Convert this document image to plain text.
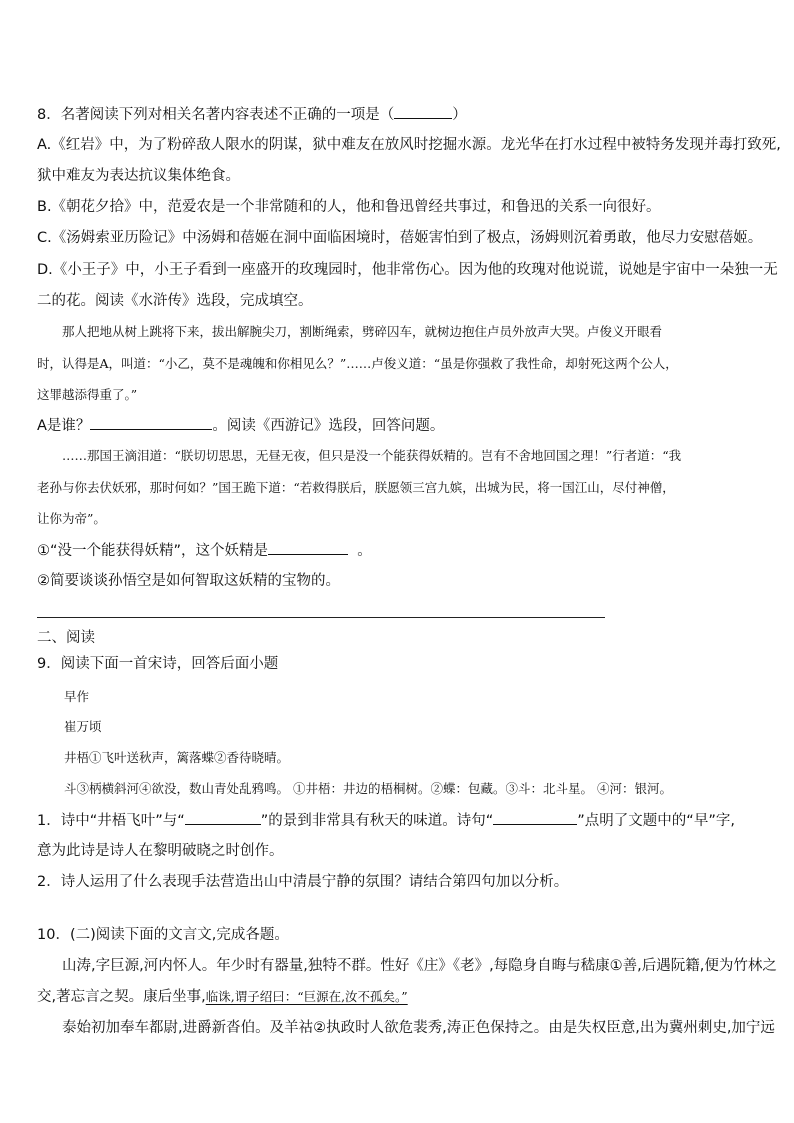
8．名著阅读下列对相关名著内容表述不正确的一项是（	）
A.《红岩》中，为了粉碎敌人限水的阴谋，狱中难友在放风时挖掘水源。龙光华在打水过程中被特务发现并毒打致死,
狱中难友为表达抗议集体绝食。
B.《朝花夕拾》中，范爱农是一个非常随和的人，他和鲁迅曾经共事过，和鲁迅的关系一向很好。
C.《汤姆索亚历险记》中汤姆和蓓姬在洞中面临困境时，蓓姬害怕到了极点，汤姆则沉着勇敢，他尽力安慰蓓姬。
D.《小王子》中，小王子看到一座盛开的玫瑰园时，他非常伤心。因为他的玫瑰对他说谎，说她是宇宙中一朵独一无
二的花。阅读《水浒传》选段，完成填空。
那人把地从树上跳将下来，拔出解腕尖刀，割断绳索，劈碎囚车，就树边抱住卢员外放声大哭。卢俊义开眼看
时，认得是A，叫道：“小乙，莫不是魂魄和你相见么？”……卢俊义道：“虽是你强救了我性命，却射死这两个公人，
这罪越添得重了。”
A是谁？	。阅读《西游记》选段，回答问题。
……那国王滴泪道：“朕切切思思，无昼无夜，但只是没一个能获得妖精的。岂有不舍地回国之理！”行者道：“我
老孙与你去伏妖邪，那时何如？”国王跪下道：“若救得朕后，朕愿领三宫九嫔，出城为民，将一国江山，尽付神僧，
让你为帝”。
①“没一个能获得妖精”，这个妖精是	。
②简要谈谈孙悟空是如何智取这妖精的宝物的。
二、阅读
9．阅读下面一首宋诗，回答后面小题
早作
崔万顷
井梧①飞叶送秋声，篱落蝶②香待晓晴。
斗③柄横斜河④欲没，数山青处乱鸦鸣。 ①井梧：井边的梧桐树。②蝶：包藏。③斗：北斗星。 ④河：银河。
1．诗中“井梧飞叶”与“	”的景到非常具有秋天的味道。诗句“	”点明了文题中的“早”字,
意为此诗是诗人在黎明破晓之时创作。
2．诗人运用了什么表现手法营造出山中清晨宁静的氛围？请结合第四句加以分析。
10．(二)阅读下面的文言文,完成各题。
山涛,字巨源,河内怀人。年少时有器量,独特不群。性好《庄》《老》,每隐身自晦与嵇康①善,后遇阮籍,便为竹林之
交,著忘言之契。康后坐事,临诛,谓子绍曰：“巨源在,汝不孤矣。”
泰始初加奉车都尉,进爵新沓伯。及羊祜②执政时人欲危裴秀,涛正色保持之。由是失权臣意,出为冀州刺史,加宁远
